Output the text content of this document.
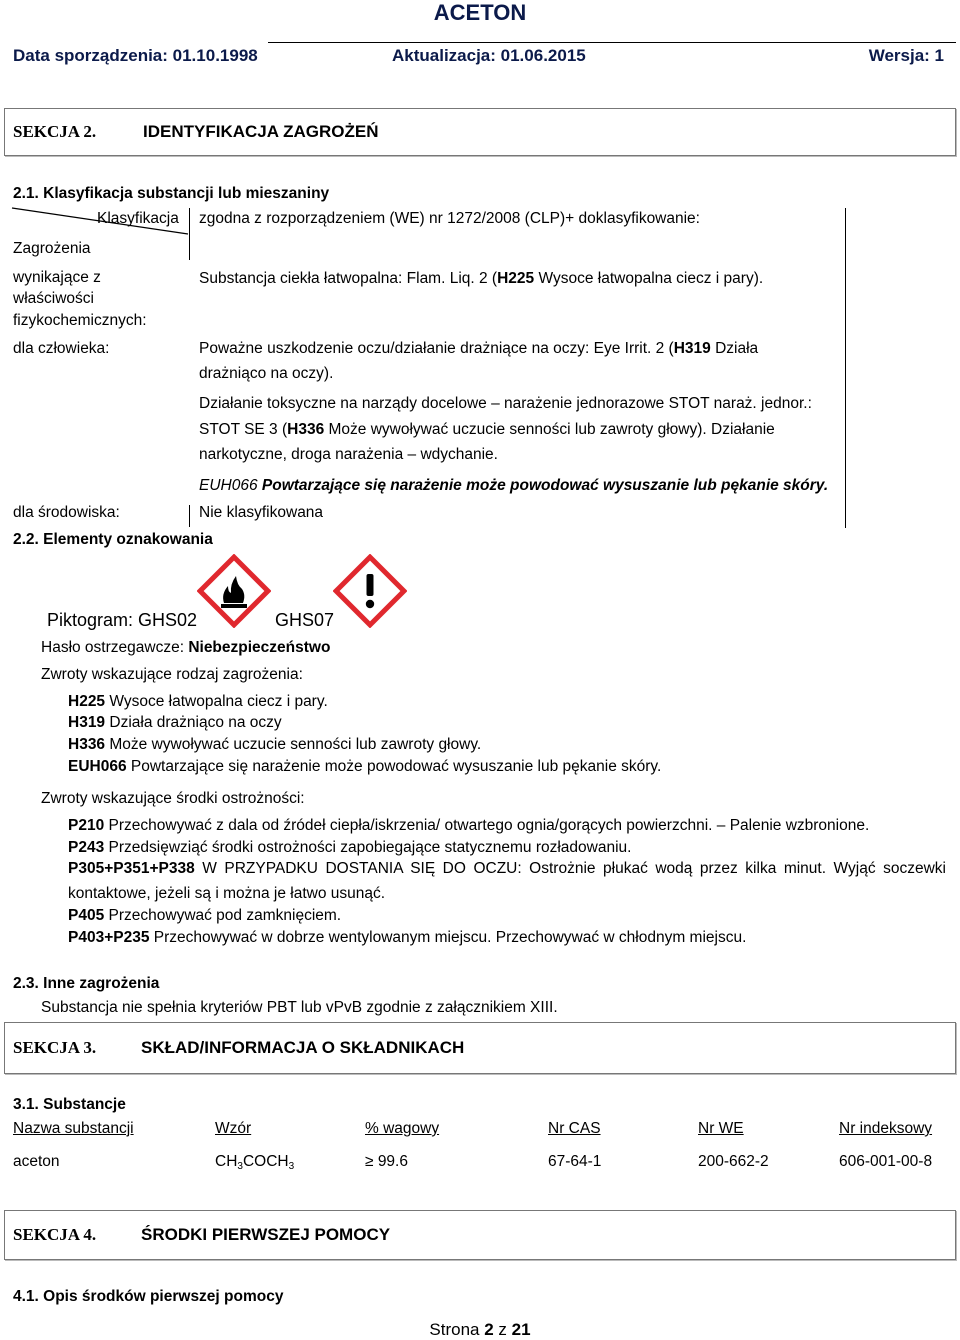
ACETON
Data sporządzenia: 01.10.1998	Aktualizacja: 01.06.2015	Wersja: 1
SEKCJA 2.	IDENTYFIKACJA ZAGROŻEŃ
2.1. Klasyfikacja substancji lub mieszaniny
Klasyfikacja zgodna z rozporządzeniem (WE) nr 1272/2008 (CLP)+ doklasyfikowanie:
Zagrożenia
wynikające z
właściwości
fizykochemicznych:
Substancja ciekła łatwopalna: Flam. Liq. 2 (H225 Wysoce łatwopalna ciecz i pary).
dla człowieka:	Poważne uszkodzenie oczu/działanie drażniące na oczy: Eye Irrit. 2 (H319 Działa
drażniąco na oczy).
Działanie toksyczne na narządy docelowe – narażenie jednorazowe STOT naraż. jednor.:
STOT SE 3 (H336 Może wywoływać uczucie senności lub zawroty głowy). Działanie
narkotyczne, droga narażenia – wdychanie.
EUH066 Powtarzające się narażenie może powodować wysuszanie lub pękanie skóry.
dla środowiska:	Nie klasyfikowana
2.2. Elementy oznakowania
Piktogram: GHS02	GHS07
Hasło ostrzegawcze: Niebezpieczeństwo
Zwroty wskazujące rodzaj zagrożenia:
H225 Wysoce łatwopalna ciecz i pary.
H319 Działa drażniąco na oczy
H336 Może wywoływać uczucie senności lub zawroty głowy.
EUH066 Powtarzające się narażenie może powodować wysuszanie lub pękanie skóry.
Zwroty wskazujące środki ostrożności:
P210 Przechowywać z dala od źródeł ciepła/iskrzenia/ otwartego ognia/gorących powierzchni. – Palenie wzbronione.
P243 Przedsięwziąć środki ostrożności zapobiegające statycznemu rozładowaniu.
P305+P351+P338 W PRZYPADKU DOSTANIA SIĘ DO OCZU: Ostrożnie płukać wodą przez kilka minut. Wyjąć soczewki
kontaktowe, jeżeli są i można je łatwo usunąć.
P405 Przechowywać pod zamknięciem.
P403+P235 Przechowywać w dobrze wentylowanym miejscu. Przechowywać w chłodnym miejscu.
2.3. Inne zagrożenia
Substancja nie spełnia kryteriów PBT lub vPvB zgodnie z załącznikiem XIII.
SEKCJA 3.	SKŁAD/INFORMACJA O SKŁADNIKACH
3.1. Substancje
Nazwa substancji	Wzór	% wagowy	Nr CAS	Nr WE	Nr indeksowy
aceton	$CH_3COCH_3$	≥ 99.6	67-64-1	200-662-2	606-001-00-8
SEKCJA 4.	ŚRODKI PIERWSZEJ POMOCY
4.1. Opis środków pierwszej pomocy
Strona 2 z 21
